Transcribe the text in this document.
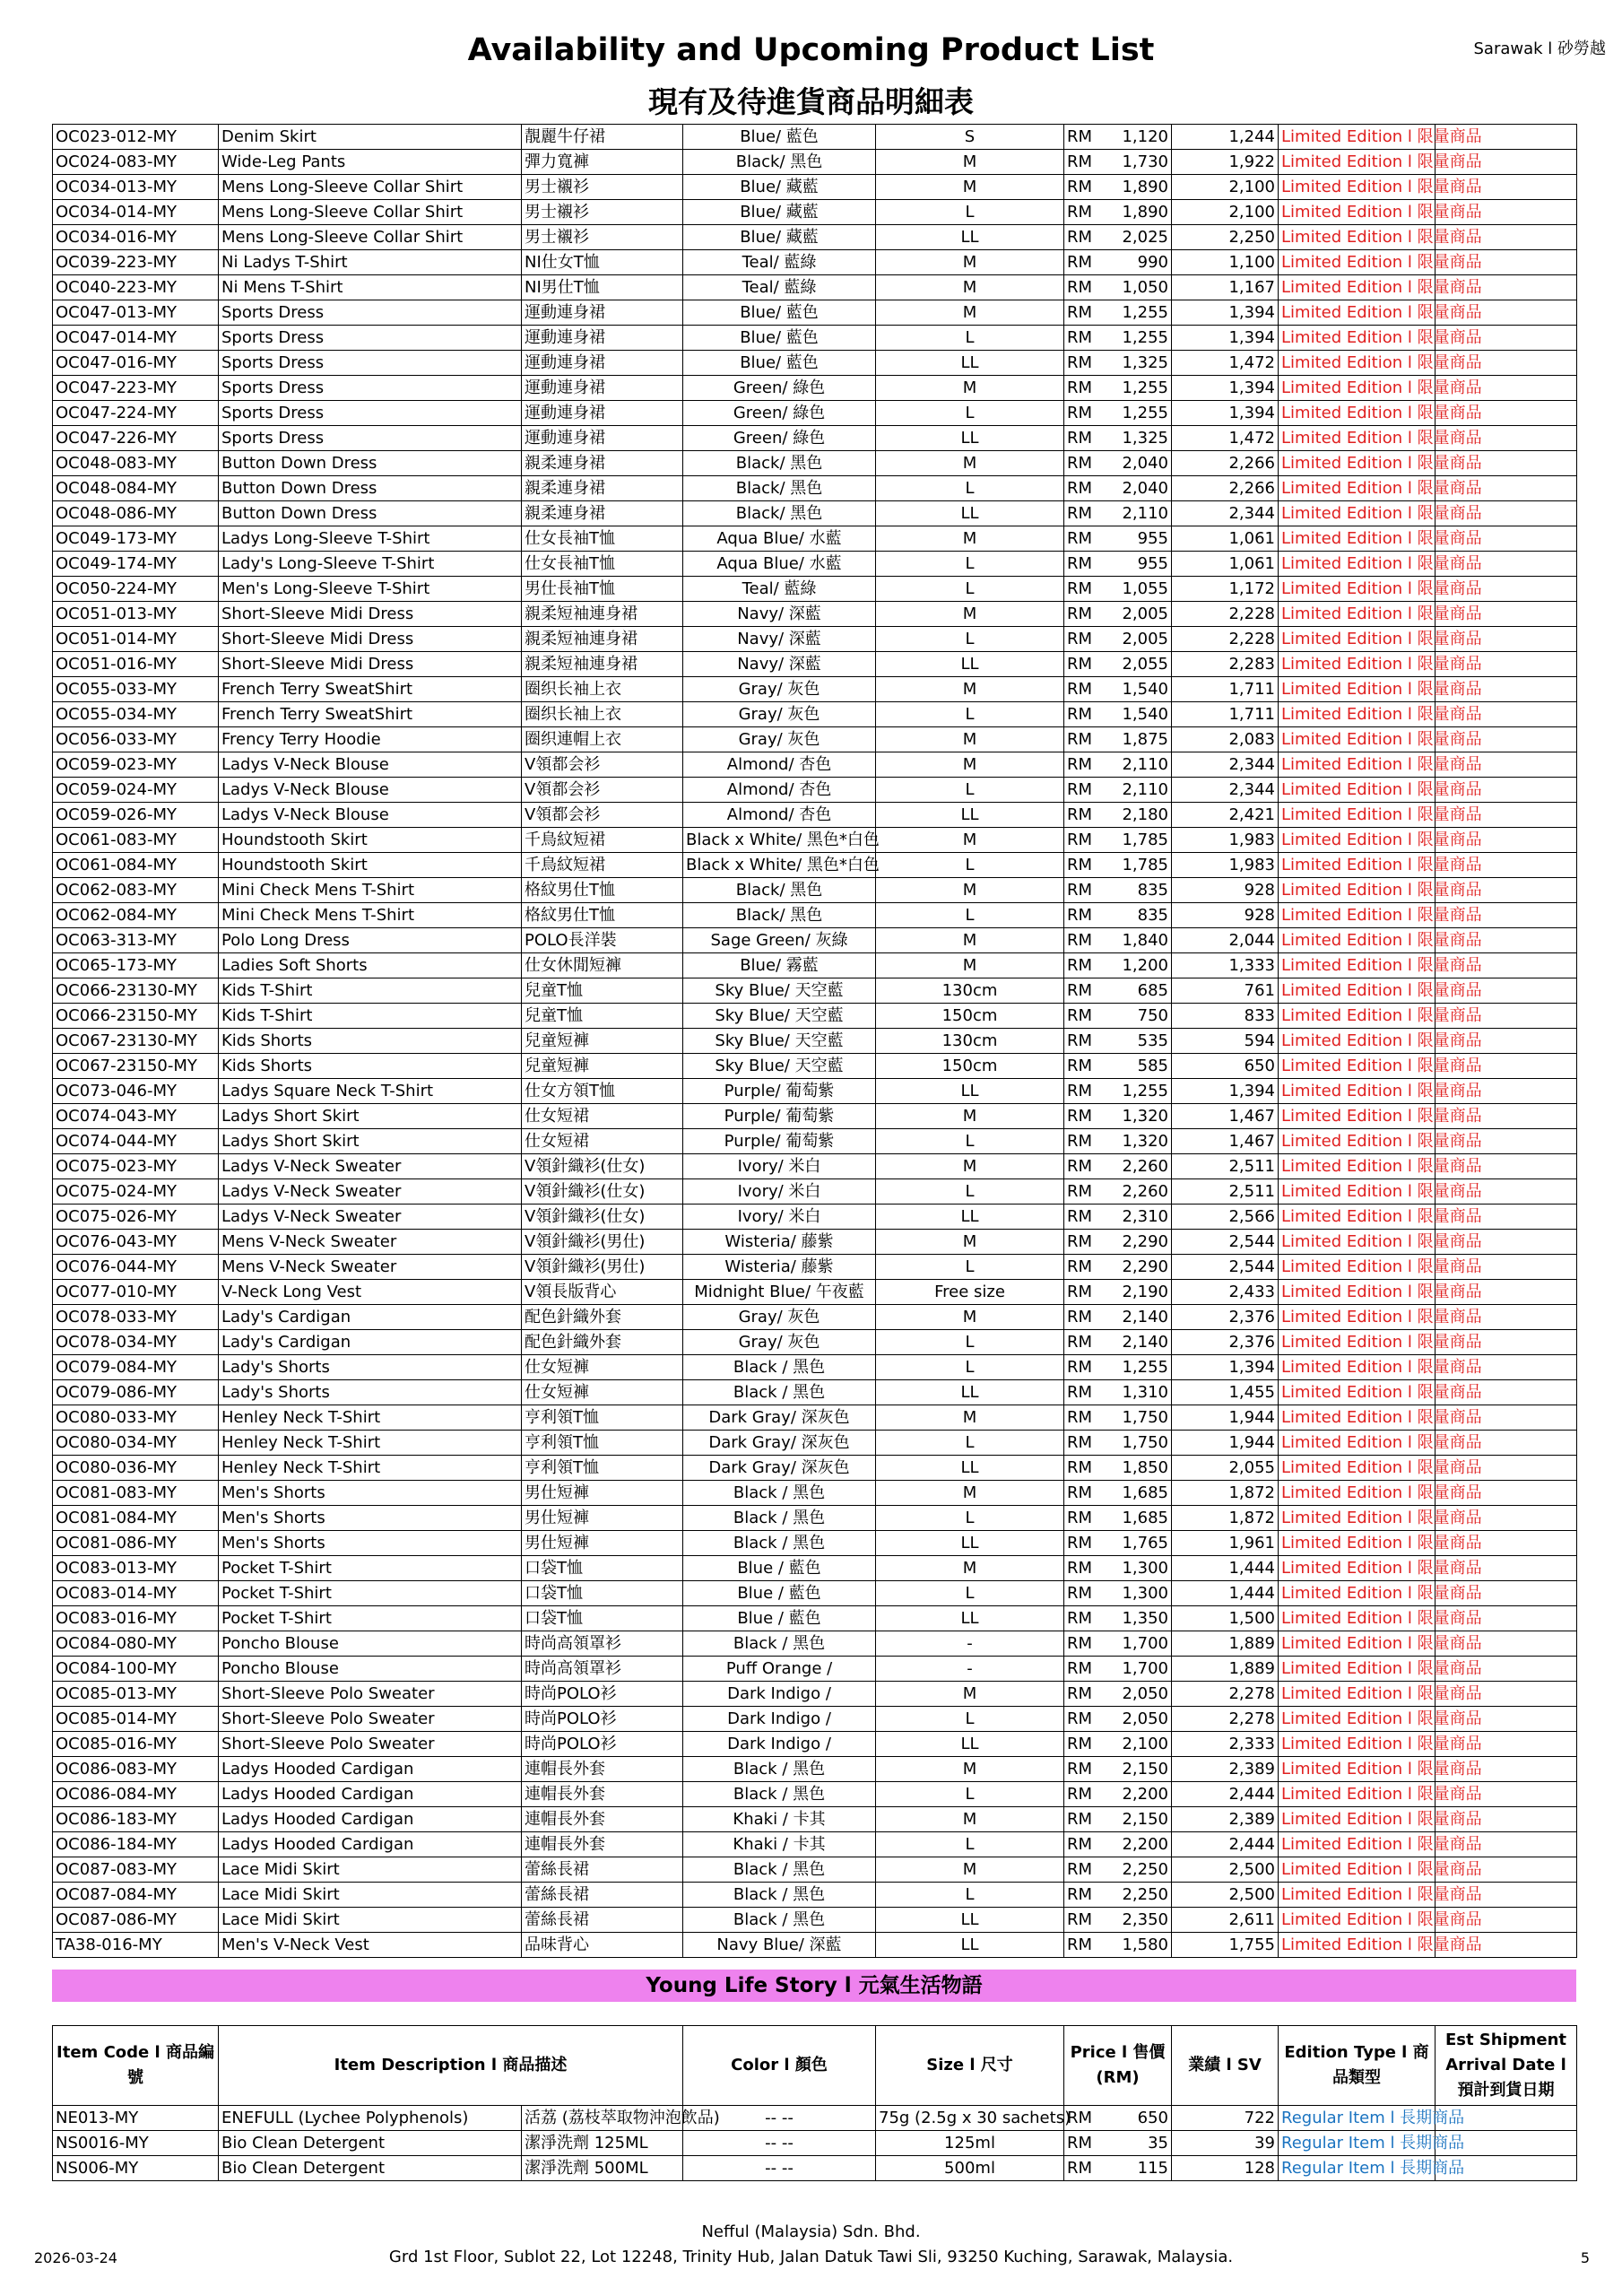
Availability and Upcoming Product List
現有及待進貨商品明細表
Sarawak l 砂勞越
OC023-012-MY	Denim Skirt	靚麗牛仔裙	Blue/ 藍色	S	RM	1,120	1,244	Limited Edition l 限量商品	
OC024-083-MY	Wide-Leg Pants	彈力寬褲	Black/ 黑色	M	RM	1,730	1,922	Limited Edition l 限量商品	
OC034-013-MY	Mens Long-Sleeve Collar Shirt	男士襯衫	Blue/ 藏藍	M	RM	1,890	2,100	Limited Edition l 限量商品	
OC034-014-MY	Mens Long-Sleeve Collar Shirt	男士襯衫	Blue/ 藏藍	L	RM	1,890	2,100	Limited Edition l 限量商品	
OC034-016-MY	Mens Long-Sleeve Collar Shirt	男士襯衫	Blue/ 藏藍	LL	RM	2,025	2,250	Limited Edition l 限量商品	
OC039-223-MY	Ni Ladys T-Shirt	NI仕女T恤	Teal/ 藍綠	M	RM	990	1,100	Limited Edition l 限量商品	
OC040-223-MY	Ni Mens T-Shirt	NI男仕T恤	Teal/ 藍綠	M	RM	1,050	1,167	Limited Edition l 限量商品	
OC047-013-MY	Sports Dress	運動連身裙	Blue/ 藍色	M	RM	1,255	1,394	Limited Edition l 限量商品	
OC047-014-MY	Sports Dress	運動連身裙	Blue/ 藍色	L	RM	1,255	1,394	Limited Edition l 限量商品	
OC047-016-MY	Sports Dress	運動連身裙	Blue/ 藍色	LL	RM	1,325	1,472	Limited Edition l 限量商品	
OC047-223-MY	Sports Dress	運動連身裙	Green/ 綠色	M	RM	1,255	1,394	Limited Edition l 限量商品	
OC047-224-MY	Sports Dress	運動連身裙	Green/ 綠色	L	RM	1,255	1,394	Limited Edition l 限量商品	
OC047-226-MY	Sports Dress	運動連身裙	Green/ 綠色	LL	RM	1,325	1,472	Limited Edition l 限量商品	
OC048-083-MY	Button Down Dress	親柔連身裙	Black/ 黑色	M	RM	2,040	2,266	Limited Edition l 限量商品	
OC048-084-MY	Button Down Dress	親柔連身裙	Black/ 黑色	L	RM	2,040	2,266	Limited Edition l 限量商品	
OC048-086-MY	Button Down Dress	親柔連身裙	Black/ 黑色	LL	RM	2,110	2,344	Limited Edition l 限量商品	
OC049-173-MY	Ladys Long-Sleeve T-Shirt	仕女長袖T恤	Aqua Blue/ 水藍	M	RM	955	1,061	Limited Edition l 限量商品	
OC049-174-MY	Lady's Long-Sleeve T-Shirt	仕女長袖T恤	Aqua Blue/ 水藍	L	RM	955	1,061	Limited Edition l 限量商品	
OC050-224-MY	Men's Long-Sleeve T-Shirt	男仕長袖T恤	Teal/ 藍綠	L	RM	1,055	1,172	Limited Edition l 限量商品	
OC051-013-MY	Short-Sleeve Midi Dress	親柔短袖連身裙	Navy/ 深藍	M	RM	2,005	2,228	Limited Edition l 限量商品	
OC051-014-MY	Short-Sleeve Midi Dress	親柔短袖連身裙	Navy/ 深藍	L	RM	2,005	2,228	Limited Edition l 限量商品	
OC051-016-MY	Short-Sleeve Midi Dress	親柔短袖連身裙	Navy/ 深藍	LL	RM	2,055	2,283	Limited Edition l 限量商品	
OC055-033-MY	French Terry SweatShirt	圈织长袖上衣	Gray/ 灰色	M	RM	1,540	1,711	Limited Edition l 限量商品	
OC055-034-MY	French Terry SweatShirt	圈织长袖上衣	Gray/ 灰色	L	RM	1,540	1,711	Limited Edition l 限量商品	
OC056-033-MY	Frency Terry Hoodie	圈织連帽上衣	Gray/ 灰色	M	RM	1,875	2,083	Limited Edition l 限量商品	
OC059-023-MY	Ladys V-Neck Blouse	V領都会衫	Almond/ 杏色	M	RM	2,110	2,344	Limited Edition l 限量商品	
OC059-024-MY	Ladys V-Neck Blouse	V領都会衫	Almond/ 杏色	L	RM	2,110	2,344	Limited Edition l 限量商品	
OC059-026-MY	Ladys V-Neck Blouse	V領都会衫	Almond/ 杏色	LL	RM	2,180	2,421	Limited Edition l 限量商品	
OC061-083-MY	Houndstooth Skirt	千鳥紋短裙	Black x White/ 黑色*白色	M	RM	1,785	1,983	Limited Edition l 限量商品	
OC061-084-MY	Houndstooth Skirt	千鳥紋短裙	Black x White/ 黑色*白色	L	RM	1,785	1,983	Limited Edition l 限量商品	
OC062-083-MY	Mini Check Mens T-Shirt	格紋男仕T恤	Black/ 黑色	M	RM	835	928	Limited Edition l 限量商品	
OC062-084-MY	Mini Check Mens T-Shirt	格紋男仕T恤	Black/ 黑色	L	RM	835	928	Limited Edition l 限量商品	
OC063-313-MY	Polo Long Dress	POLO長洋裝	Sage Green/ 灰綠	M	RM	1,840	2,044	Limited Edition l 限量商品	
OC065-173-MY	Ladies Soft Shorts	仕女休閒短褲	Blue/ 霧藍	M	RM	1,200	1,333	Limited Edition l 限量商品	
OC066-23130-MY	Kids T-Shirt	兒童T恤	Sky Blue/ 天空藍	130cm	RM	685	761	Limited Edition l 限量商品	
OC066-23150-MY	Kids T-Shirt	兒童T恤	Sky Blue/ 天空藍	150cm	RM	750	833	Limited Edition l 限量商品	
OC067-23130-MY	Kids Shorts	兒童短褲	Sky Blue/ 天空藍	130cm	RM	535	594	Limited Edition l 限量商品	
OC067-23150-MY	Kids Shorts	兒童短褲	Sky Blue/ 天空藍	150cm	RM	585	650	Limited Edition l 限量商品	
OC073-046-MY	Ladys Square Neck T-Shirt	仕女方領T恤	Purple/ 葡萄紫	LL	RM	1,255	1,394	Limited Edition l 限量商品	
OC074-043-MY	Ladys Short Skirt	仕女短裙	Purple/ 葡萄紫	M	RM	1,320	1,467	Limited Edition l 限量商品	
OC074-044-MY	Ladys Short Skirt	仕女短裙	Purple/ 葡萄紫	L	RM	1,320	1,467	Limited Edition l 限量商品	
OC075-023-MY	Ladys V-Neck Sweater	V領針織衫(仕女)	Ivory/ 米白	M	RM	2,260	2,511	Limited Edition l 限量商品	
OC075-024-MY	Ladys V-Neck Sweater	V領針織衫(仕女)	Ivory/ 米白	L	RM	2,260	2,511	Limited Edition l 限量商品	
OC075-026-MY	Ladys V-Neck Sweater	V領針織衫(仕女)	Ivory/ 米白	LL	RM	2,310	2,566	Limited Edition l 限量商品	
OC076-043-MY	Mens V-Neck Sweater	V領針織衫(男仕)	Wisteria/ 藤紫	M	RM	2,290	2,544	Limited Edition l 限量商品	
OC076-044-MY	Mens V-Neck Sweater	V領針織衫(男仕)	Wisteria/ 藤紫	L	RM	2,290	2,544	Limited Edition l 限量商品	
OC077-010-MY	V-Neck Long Vest	V領長版背心	Midnight Blue/ 午夜藍	Free size	RM	2,190	2,433	Limited Edition l 限量商品	
OC078-033-MY	Lady's Cardigan	配色針織外套	Gray/ 灰色	M	RM	2,140	2,376	Limited Edition l 限量商品	
OC078-034-MY	Lady's Cardigan	配色針織外套	Gray/ 灰色	L	RM	2,140	2,376	Limited Edition l 限量商品	
OC079-084-MY	Lady's Shorts	仕女短褲	Black / 黑色	L	RM	1,255	1,394	Limited Edition l 限量商品	
OC079-086-MY	Lady's Shorts	仕女短褲	Black / 黑色	LL	RM	1,310	1,455	Limited Edition l 限量商品	
OC080-033-MY	Henley Neck T-Shirt	亨利領T恤	Dark Gray/ 深灰色	M	RM	1,750	1,944	Limited Edition l 限量商品	
OC080-034-MY	Henley Neck T-Shirt	亨利領T恤	Dark Gray/ 深灰色	L	RM	1,750	1,944	Limited Edition l 限量商品	
OC080-036-MY	Henley Neck T-Shirt	亨利領T恤	Dark Gray/ 深灰色	LL	RM	1,850	2,055	Limited Edition l 限量商品	
OC081-083-MY	Men's Shorts	男仕短褲	Black / 黑色	M	RM	1,685	1,872	Limited Edition l 限量商品	
OC081-084-MY	Men's Shorts	男仕短褲	Black / 黑色	L	RM	1,685	1,872	Limited Edition l 限量商品	
OC081-086-MY	Men's Shorts	男仕短褲	Black / 黑色	LL	RM	1,765	1,961	Limited Edition l 限量商品	
OC083-013-MY	Pocket T-Shirt	口袋T恤	Blue / 藍色	M	RM	1,300	1,444	Limited Edition l 限量商品	
OC083-014-MY	Pocket T-Shirt	口袋T恤	Blue / 藍色	L	RM	1,300	1,444	Limited Edition l 限量商品	
OC083-016-MY	Pocket T-Shirt	口袋T恤	Blue / 藍色	LL	RM	1,350	1,500	Limited Edition l 限量商品	
OC084-080-MY	Poncho Blouse	時尚高領罩衫	Black / 黑色	-	RM	1,700	1,889	Limited Edition l 限量商品	
OC084-100-MY	Poncho Blouse	時尚高領罩衫	Puff Orange /	-	RM	1,700	1,889	Limited Edition l 限量商品	
OC085-013-MY	Short-Sleeve Polo Sweater	時尚POLO衫	Dark Indigo /	M	RM	2,050	2,278	Limited Edition l 限量商品	
OC085-014-MY	Short-Sleeve Polo Sweater	時尚POLO衫	Dark Indigo /	L	RM	2,050	2,278	Limited Edition l 限量商品	
OC085-016-MY	Short-Sleeve Polo Sweater	時尚POLO衫	Dark Indigo /	LL	RM	2,100	2,333	Limited Edition l 限量商品	
OC086-083-MY	Ladys Hooded Cardigan	連帽長外套	Black / 黑色	M	RM	2,150	2,389	Limited Edition l 限量商品	
OC086-084-MY	Ladys Hooded Cardigan	連帽長外套	Black / 黑色	L	RM	2,200	2,444	Limited Edition l 限量商品	
OC086-183-MY	Ladys Hooded Cardigan	連帽長外套	Khaki / 卡其	M	RM	2,150	2,389	Limited Edition l 限量商品	
OC086-184-MY	Ladys Hooded Cardigan	連帽長外套	Khaki / 卡其	L	RM	2,200	2,444	Limited Edition l 限量商品	
OC087-083-MY	Lace Midi Skirt	蕾絲長裙	Black / 黑色	M	RM	2,250	2,500	Limited Edition l 限量商品	
OC087-084-MY	Lace Midi Skirt	蕾絲長裙	Black / 黑色	L	RM	2,250	2,500	Limited Edition l 限量商品	
OC087-086-MY	Lace Midi Skirt	蕾絲長裙	Black / 黑色	LL	RM	2,350	2,611	Limited Edition l 限量商品	
TA38-016-MY	Men's V-Neck Vest	品味背心	Navy Blue/ 深藍	LL	RM	1,580	1,755	Limited Edition l 限量商品	
Young Life Story l 元氣生活物語
Item Code l 商品編號	Item Description l 商品描述		Color l 顏色	Size l 尺寸	Price l 售價 (RM)		業績 l SV	Edition Type l 商品類型	Est Shipment Arrival Date l 預計到貨日期
NE013-MY	ENEFULL (Lychee Polyphenols)	活荔 (荔枝萃取物沖泡飲品)	-- --	75g (2.5g x 30 sachets)	RM	650	722	Regular Item l 長期商品	
NS0016-MY	Bio Clean Detergent	潔淨洗劑 125ML	-- --	125ml	RM	35	39	Regular Item l 長期商品	
NS006-MY	Bio Clean Detergent	潔淨洗劑 500ML	-- --	500ml	RM	115	128	Regular Item l 長期商品	
Nefful (Malaysia) Sdn. Bhd.
Grd 1st Floor, Sublot 22, Lot 12248, Trinity Hub, Jalan Datuk Tawi Sli, 93250 Kuching, Sarawak, Malaysia.
2026-03-24	5
